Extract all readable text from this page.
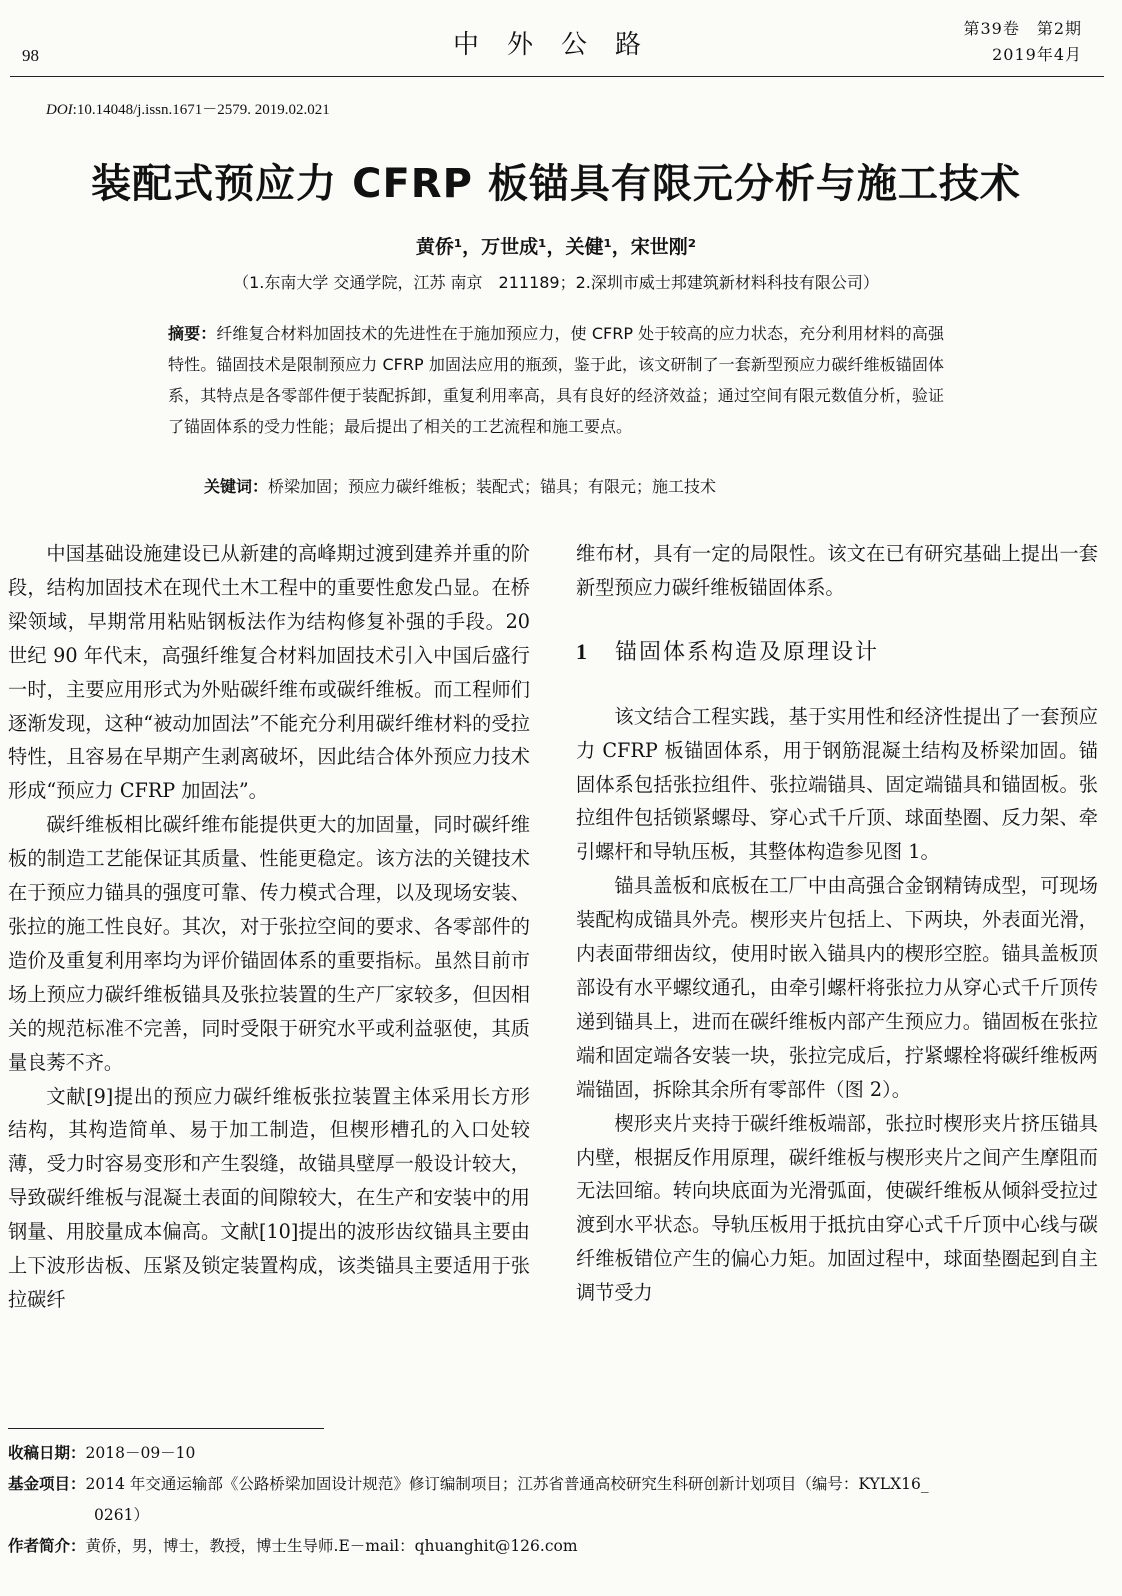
98	中外公路
第39卷　第2期
2019年4月
DOI:10.14048/j.issn.1671－2579. 2019.02.021
装配式预应力 CFRP 板锚具有限元分析与施工技术
黄侨¹，万世成¹，关健¹，宋世刚²
（1.东南大学 交通学院，江苏 南京　211189；2.深圳市威士邦建筑新材料科技有限公司）
摘要：纤维复合材料加固技术的先进性在于施加预应力，使 CFRP 处于较高的应力状态，充分利用材料的高强特性。锚固技术是限制预应力 CFRP 加固法应用的瓶颈，鉴于此，该文研制了一套新型预应力碳纤维板锚固体系，其特点是各零部件便于装配拆卸，重复利用率高，具有良好的经济效益；通过空间有限元数值分析，验证了锚固体系的受力性能；最后提出了相关的工艺流程和施工要点。
关键词：桥梁加固；预应力碳纤维板；装配式；锚具；有限元；施工技术

中国基础设施建设已从新建的高峰期过渡到建养并重的阶段，结构加固技术在现代土木工程中的重要性愈发凸显。在桥梁领域，早期常用粘贴钢板法作为结构修复补强的手段。20 世纪 90 年代末，高强纤维复合材料加固技术引入中国后盛行一时，主要应用形式为外贴碳纤维布或碳纤维板。而工程师们逐渐发现，这种“被动加固法”不能充分利用碳纤维材料的受拉特性，且容易在早期产生剥离破坏，因此结合体外预应力技术形成“预应力 CFRP 加固法”。

碳纤维板相比碳纤维布能提供更大的加固量，同时碳纤维板的制造工艺能保证其质量、性能更稳定。该方法的关键技术在于预应力锚具的强度可靠、传力模式合理，以及现场安装、张拉的施工性良好。其次，对于张拉空间的要求、各零部件的造价及重复利用率均为评价锚固体系的重要指标。虽然目前市场上预应力碳纤维板锚具及张拉装置的生产厂家较多，但因相关的规范标准不完善，同时受限于研究水平或利益驱使，其质量良莠不齐。

文献[9]提出的预应力碳纤维板张拉装置主体采用长方形结构，其构造简单、易于加工制造，但楔形槽孔的入口处较薄，受力时容易变形和产生裂缝，故锚具壁厚一般设计较大，导致碳纤维板与混凝土表面的间隙较大，在生产和安装中的用钢量、用胶量成本偏高。文献[10]提出的波形齿纹锚具主要由上下波形齿板、压紧及锁定装置构成，该类锚具主要适用于张拉碳纤

维布材，具有一定的局限性。该文在已有研究基础上提出一套新型预应力碳纤维板锚固体系。

1 锚固体系构造及原理设计

该文结合工程实践，基于实用性和经济性提出了一套预应力 CFRP 板锚固体系，用于钢筋混凝土结构及桥梁加固。锚固体系包括张拉组件、张拉端锚具、固定端锚具和锚固板。张拉组件包括锁紧螺母、穿心式千斤顶、球面垫圈、反力架、牵引螺杆和导轨压板，其整体构造参见图 1。

锚具盖板和底板在工厂中由高强合金钢精铸成型，可现场装配构成锚具外壳。楔形夹片包括上、下两块，外表面光滑，内表面带细齿纹，使用时嵌入锚具内的楔形空腔。锚具盖板顶部设有水平螺纹通孔，由牵引螺杆将张拉力从穿心式千斤顶传递到锚具上，进而在碳纤维板内部产生预应力。锚固板在张拉端和固定端各安装一块，张拉完成后，拧紧螺栓将碳纤维板两端锚固，拆除其余所有零部件（图 2）。

楔形夹片夹持于碳纤维板端部，张拉时楔形夹片挤压锚具内壁，根据反作用原理，碳纤维板与楔形夹片之间产生摩阻而无法回缩。转向块底面为光滑弧面，使碳纤维板从倾斜受拉过渡到水平状态。导轨压板用于抵抗由穿心式千斤顶中心线与碳纤维板错位产生的偏心力矩。加固过程中，球面垫圈起到自主调节受力

收稿日期：2018－09－10
基金项目：2014 年交通运输部《公路桥梁加固设计规范》修订编制项目；江苏省普通高校研究生科研创新计划项目（编号：KYLX16_
0261）
作者简介：黄侨，男，博士，教授，博士生导师.E－mail：qhuanghit@126.com
